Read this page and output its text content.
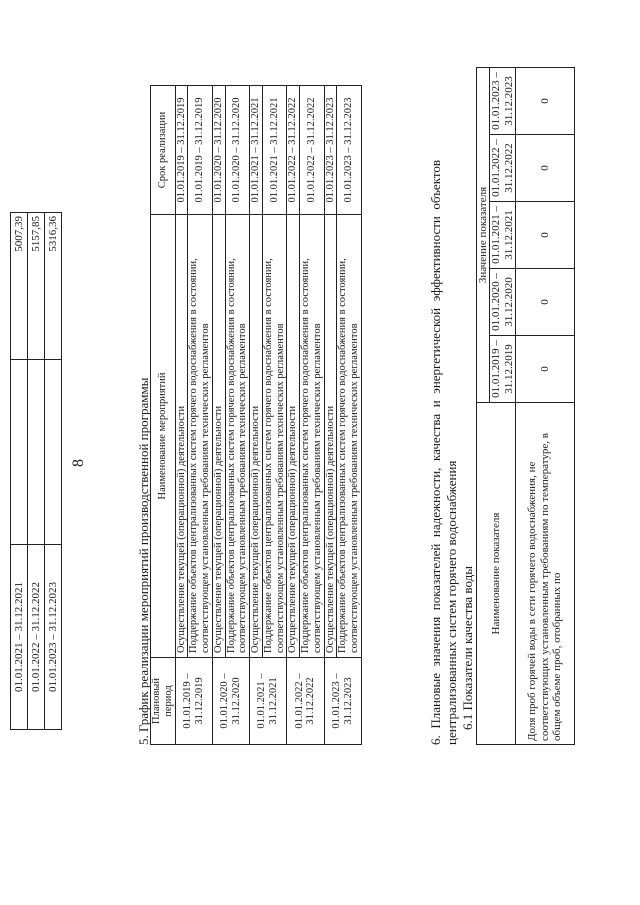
8
01.01.2021 – 31.12.2021		5007,39
01.01.2022 – 31.12.2022		5157,85
01.01.2023 – 31.12.2023		5316,36
5. График реализации мероприятий производственной программы Плановый период	Наименование мероприятий	Срок реализации
01.01.2019 – 31.12.2019	Осуществление текущей (операционной) деятельности	01.01.2019 – 31.12.2019
	Поддержание объектов централизованных систем горячего водоснабжения в состоянии, соответствующем установленным требованиям технических регламентов	01.01.2019 – 31.12.2019
01.01.2020 – 31.12.2020	Осуществление текущей (операционной) деятельности	01.01.2020 – 31.12.2020
	Поддержание объектов централизованных систем горячего водоснабжения в состоянии, соответствующем установленным требованиям технических регламентов	01.01.2020 – 31.12.2020
01.01.2021 – 31.12.2021	Осуществление текущей (операционной) деятельности	01.01.2021 – 31.12.2021
	Поддержание объектов централизованных систем горячего водоснабжения в состоянии, соответствующем установленным требованиям технических регламентов	01.01.2021 – 31.12.2021
01.01.2022 – 31.12.2022	Осуществление текущей (операционной) деятельности	01.01.2022 – 31.12.2022
	Поддержание объектов централизованных систем горячего водоснабжения в состоянии, соответствующем установленным требованиям технических регламентов	01.01.2022 – 31.12.2022
01.01.2023 – 31.12.2023	Осуществление текущей (операционной) деятельности	01.01.2023 – 31.12.2023
	Поддержание объектов централизованных систем горячего водоснабжения в состоянии, соответствующем установленным требованиям технических регламентов	01.01.2023 – 31.12.2023
6. Плановые значения показателей надежности, качества и энергетической эффективности объектов централизованных систем горячего водоснабжения 6.1 Показатели качества воды Наименование показателя	Значение показателя				
	01.01.2019 – 31.12.2019	01.01.2020 – 31.12.2020	01.01.2021 – 31.12.2021	01.01.2022 – 31.12.2022	01.01.2023 – 31.12.2023
Доля проб горячей воды в сети горячего водоснабжения, не соответствующих установленным требованиям по температуре, в общем объеме проб, отобранных по	0	0	0	0	0
